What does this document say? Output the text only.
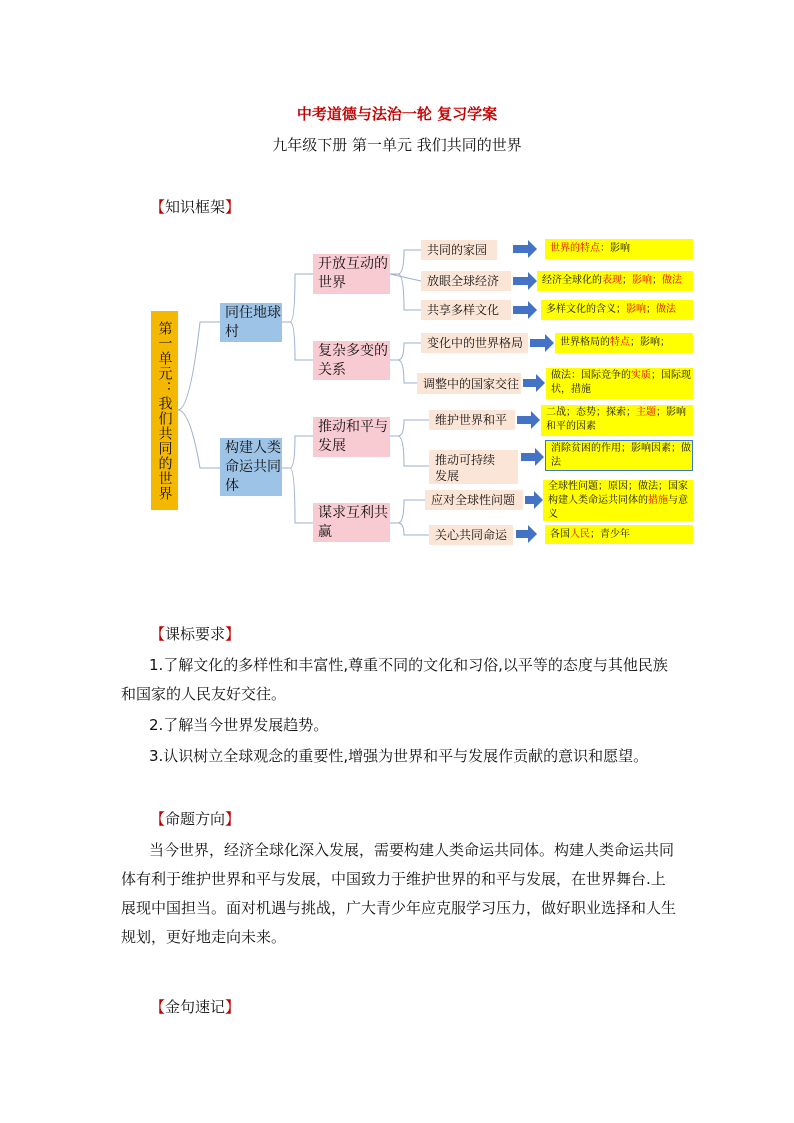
中考道德与法治一轮 复习学案
九年级下册 第一单元 我们共同的世界
【知识框架】
第一单元：我们共同的世界
同住地球村
构建人类命运共同体
开放互动的世界
复杂多变的关系
推动和平与发展
谋求互利共赢
共同的家园
放眼全球经济
共享多样文化
变化中的世界格局
调整中的国家交往
维护世界和平
推动可持续发展
应对全球性问题
关心共同命运
世界的特点 ：影响
经济全球化的 表现 ； 影响 ； 做法
多样文化的含义； 影响 ； 做法
世界格局的 特点 ；影响；
做法：国际竞争的实质；国际现状，措施
二战；态势；探索；主题；影响和平的因素
消除贫困的作用；影响因素；做法
全球性问题；原因；做法；国家构建人类命运共同体的措施与意义
各国 人民 ；青少年
【课标要求】
1.了解文化的多样性和丰富性,尊重不同的文化和习俗,以平等的态度与其他民族和国家的人民友好交往。
2.了解当今世界发展趋势。
3.认识树立全球观念的重要性,增强为世界和平与发展作贡献的意识和愿望。
【命题方向】
当今世界，经济全球化深入发展，需要构建人类命运共同体。构建人类命运共同体有利于维护世界和平与发展，中国致力于维护世界的和平与发展，在世界舞台.上展现中国担当。面对机遇与挑战，广大青少年应克服学习压力，做好职业选择和人生规划，更好地走向未来。
【金句速记】
